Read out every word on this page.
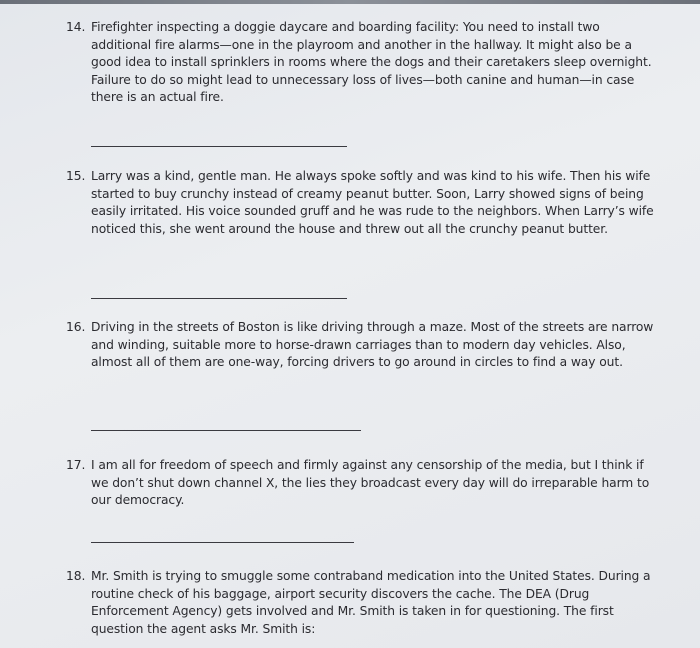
14. Firefighter inspecting a doggie daycare and boarding facility: You need to install two additional fire alarms—one in the playroom and another in the hallway. It might also be a good idea to install sprinklers in rooms where the dogs and their caretakers sleep overnight. Failure to do so might lead to unnecessary loss of lives—both canine and human—in case there is an actual fire.
15. Larry was a kind, gentle man. He always spoke softly and was kind to his wife. Then his wife started to buy crunchy instead of creamy peanut butter. Soon, Larry showed signs of being easily irritated. His voice sounded gruff and he was rude to the neighbors. When Larry’s wife noticed this, she went around the house and threw out all the crunchy peanut butter.
16. Driving in the streets of Boston is like driving through a maze. Most of the streets are narrow and winding, suitable more to horse-drawn carriages than to modern day vehicles. Also, almost all of them are one-way, forcing drivers to go around in circles to find a way out.
17. I am all for freedom of speech and firmly against any censorship of the media, but I think if we don’t shut down channel X, the lies they broadcast every day will do irreparable harm to our democracy.
18. Mr. Smith is trying to smuggle some contraband medication into the United States. During a routine check of his baggage, airport security discovers the cache. The DEA (Drug Enforcement Agency) gets involved and Mr. Smith is taken in for questioning. The first question the agent asks Mr. Smith is:
